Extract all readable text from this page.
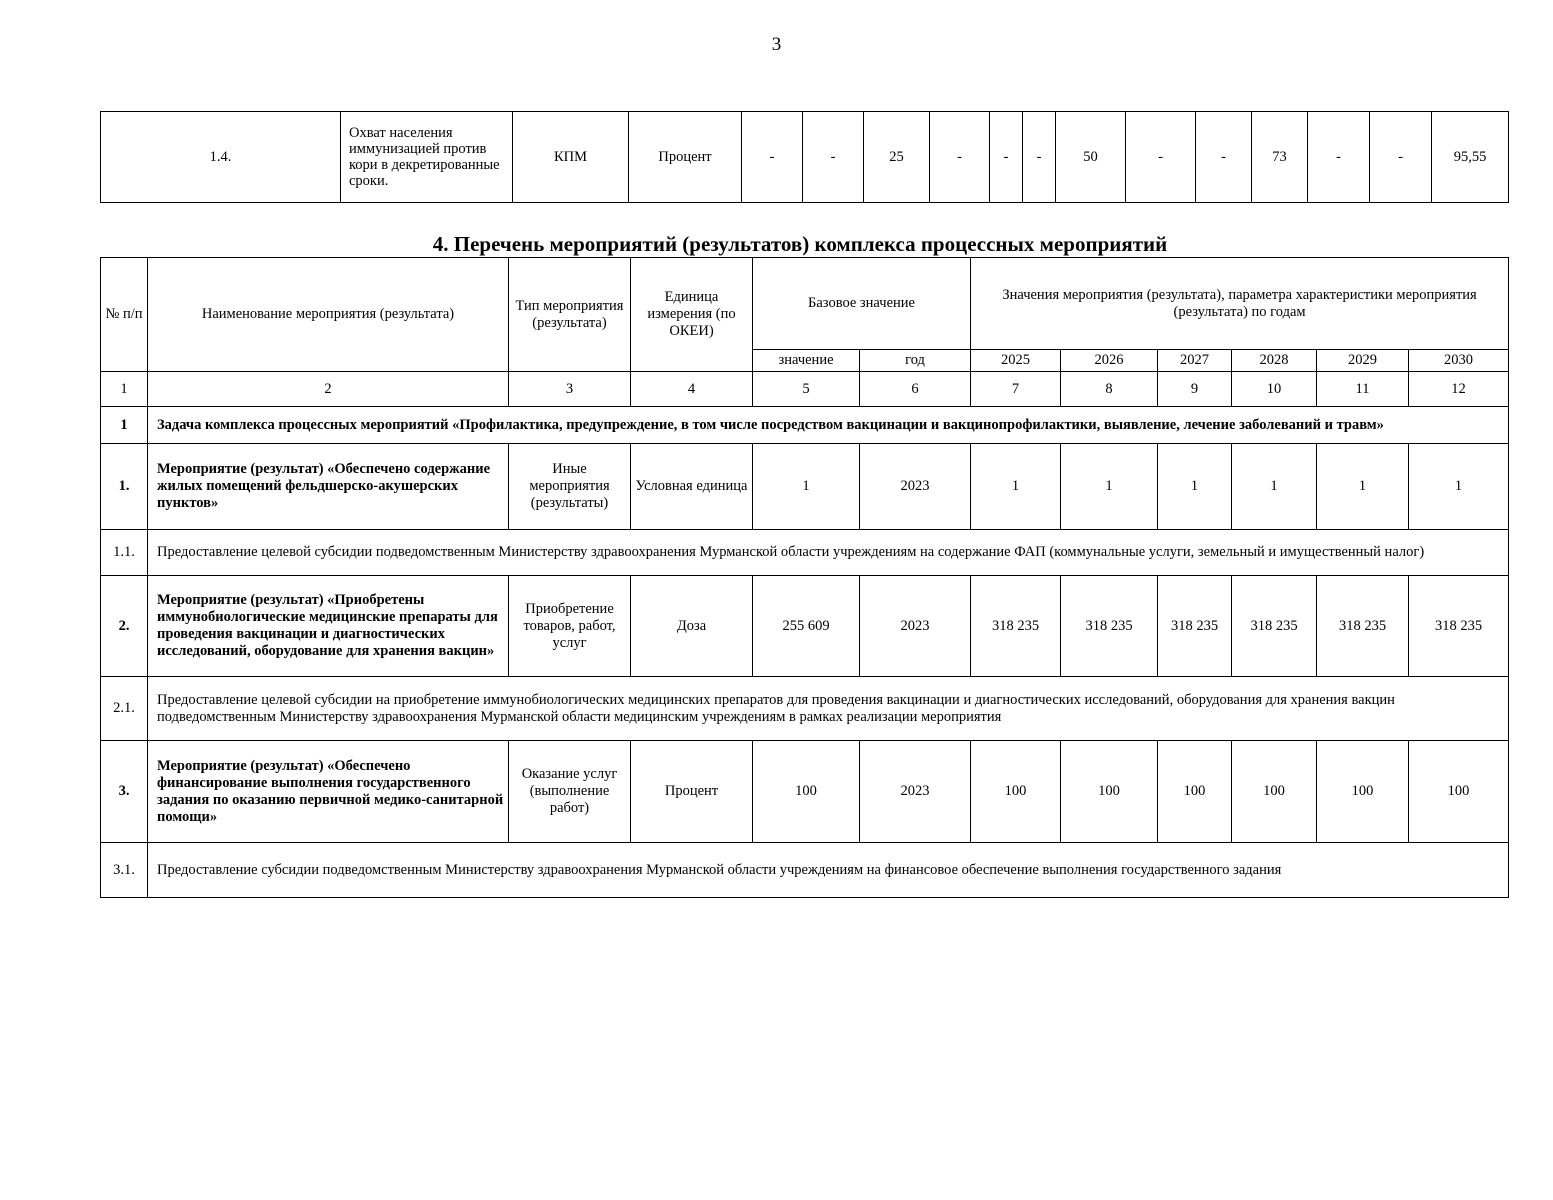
3
1.4.	Охват населения иммунизацией против кори в декретированные сроки.	КПМ	Процент	-	-	25	-	-	-	50	-	-	73	-	-	95,55
4. Перечень мероприятий (результатов) комплекса процессных мероприятий
№ п/п	Наименование мероприятия (результата)	Тип мероприятия (результата)	Единица измерения (по ОКЕИ)	Базовое значение		Значения мероприятия (результата), параметра характеристики мероприятия (результата) по годам					
				значение	год	2025	2026	2027	2028	2029	2030
1	2	3	4	5	6	7	8	9	10	11	12
1	Задача комплекса процессных мероприятий «Профилактика, предупреждение, в том числе посредством вакцинации и вакцинопрофилактики, выявление, лечение заболеваний и травм»										
1.	Мероприятие (результат) «Обеспечено содержание жилых помещений фельдшерско-акушерских пунктов»	Иные мероприятия (результаты)	Условная единица	1	2023	1	1	1	1	1	1
1.1.	Предоставление целевой субсидии подведомственным Министерству здравоохранения Мурманской области учреждениям на содержание ФАП (коммунальные услуги, земельный и имущественный налог)										
2.	Мероприятие (результат) «Приобретены иммунобиологические медицинские препараты для проведения вакцинации и диагностических исследований, оборудование для хранения вакцин»	Приобретение товаров, работ, услуг	Доза	255 609	2023	318 235	318 235	318 235	318 235	318 235	318 235
2.1.	Предоставление целевой субсидии на приобретение иммунобиологических медицинских препаратов для проведения вакцинации и диагностических исследований, оборудования для хранения вакцин подведомственным Министерству здравоохранения Мурманской области медицинским учреждениям в рамках реализации мероприятия										
3.	Мероприятие (результат) «Обеспечено финансирование выполнения государственного задания по оказанию первичной медико-санитарной помощи»	Оказание услуг (выполнение работ)	Процент	100	2023	100	100	100	100	100	100
3.1.	Предоставление субсидии подведомственным Министерству здравоохранения Мурманской области учреждениям на финансовое обеспечение выполнения государственного задания										
